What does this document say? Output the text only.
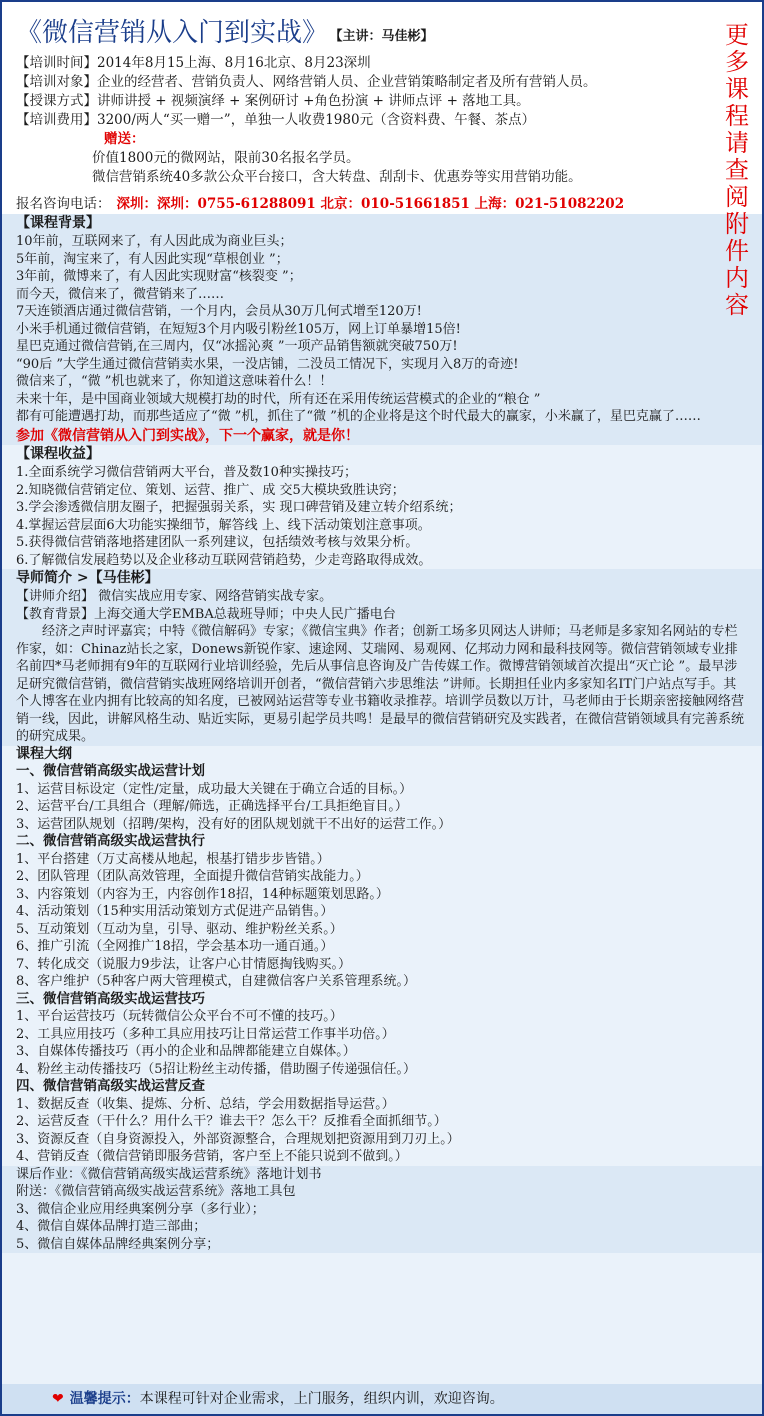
《微信营销从入门到实战》 【主讲：马佳彬】	更多课程请查阅附件内容
【培训时间】2014年8月15上海、8月16北京、8月23深圳
【培训对象】企业的经营者、营销负责人、网络营销人员、企业营销策略制定者及所有营销人员。
【授课方式】讲师讲授 + 视频演绎 + 案例研讨 +角色扮演 + 讲师点评 + 落地工具。
【培训费用】3200/两人“买一赠一”，单独一人收费1980元（含资料费、午餐、茶点）
赠送：
价值1800元的微网站，限前30名报名学员。
微信营销系统40多款公众平台接口，含大转盘、刮刮卡、优惠券等实用营销功能。
报名咨询电话： 深圳：深圳：0755-61288091 北京：010-51661851 上海：021-51082202
【课程背景】
10年前，互联网来了，有人因此成为商业巨头；
5年前，淘宝来了，有人因此实现“草根创业 ”；
3年前，微博来了，有人因此实现财富“核裂变 ”；
而今天，微信来了，微营销来了……
7天连锁酒店通过微信营销，一个月内，会员从30万几何式增至120万!
小米手机通过微信营销，在短短3个月内吸引粉丝105万，网上订单暴增15倍!
星巴克通过微信营销,在三周内，仅“冰摇沁爽 ”一项产品销售额就突破750万!
“90后 ”大学生通过微信营销卖水果，一没店铺，二没员工情况下，实现月入8万的奇迹!
微信来了，“微 ”机也就来了，你知道这意味着什么！！
未来十年，是中国商业领域大规模打劫的时代，所有还在采用传统运营模式的企业的“粮仓 ”
都有可能遭遇打劫，而那些适应了“微 ”机，抓住了“微 ”机的企业将是这个时代最大的赢家，小米赢了，星巴克赢了……
参加《微信营销从入门到实战》，下一个赢家，就是你！
【课程收益】
1.全面系统学习微信营销两大平台，普及数10种实操技巧；
2.知晓微信营销定位、策划、运营、推广、成 交5大模块致胜诀窍；
3.学会渗透微信朋友圈子，把握强弱关系，实 现口碑营销及建立转介绍系统；
4.掌握运营层面6大功能实操细节，解答线 上、线下活动策划注意事项。
5.获得微信营销落地搭建团队一系列建议，包括绩效考核与效果分析。
6.了解微信发展趋势以及企业移动互联网营销趋势，少走弯路取得成效。
导师简介 >【马佳彬】
【讲师介绍】 微信实战应用专家、网络营销实战专家。
【教育背景】上海交通大学EMBA总裁班导师；中央人民广播电台
经济之声时评嘉宾；中特《微信解码》专家；《微信宝典》作者；创新工场多贝网达人讲师；马老师是多家知名网站的专栏作家，如：Chinaz站长之家，Donews新锐作家、速途网、艾瑞网、易观网、亿邦动力网和最科技网等。微信营销领域专业排名前四*马老师拥有9年的互联网行业培训经验，先后从事信息咨询及广告传媒工作。微博营销领域首次提出“灭亡论 ”。最早涉足研究微信营销，微信营销实战班网络培训开创者，“微信营销六步思维法 ”讲师。长期担任业内多家知名IT门户站点写手。其个人博客在业内拥有比较高的知名度，已被网站运营等专业书籍收录推荐。培训学员数以万计，马老师由于长期亲密接触网络营销一线，因此，讲解风格生动、贴近实际，更易引起学员共鸣！是最早的微信营销研究及实践者，在微信营销领域具有完善系统的研究成果。
课程大纲
一、微信营销高级实战运营计划
1、运营目标设定（定性/定量，成功最大关键在于确立合适的目标。）
2、运营平台/工具组合（理解/筛选，正确选择平台/工具拒绝盲目。）
3、运营团队规划（招聘/架构，没有好的团队规划就干不出好的运营工作。）
二、微信营销高级实战运营执行
1、平台搭建（万丈高楼从地起，根基打错步步皆错。）
2、团队管理（团队高效管理，全面提升微信营销实战能力。）
3、内容策划（内容为王，内容创作18招，14种标题策划思路。）
4、活动策划（15种实用活动策划方式促进产品销售。）
5、互动策划（互动为皇，引导、驱动、维护粉丝关系。）
6、推广引流（全网推广18招，学会基本功一通百通。）
7、转化成交（说服力9步法，让客户心甘情愿掏钱购买。）
8、客户维护（5种客户两大管理模式，自建微信客户关系管理系统。）
三、微信营销高级实战运营技巧
1、平台运营技巧（玩转微信公众平台不可不懂的技巧。）
2、工具应用技巧（多种工具应用技巧让日常运营工作事半功倍。）
3、自媒体传播技巧（再小的企业和品牌都能建立自媒体。）
4、粉丝主动传播技巧（5招让粉丝主动传播，借助圈子传递强信任。）
四、微信营销高级实战运营反查
1、数据反查（收集、提炼、分析、总结，学会用数据指导运营。）
2、运营反查（干什么？用什么干？谁去干？怎么干？反推看全面抓细节。）
3、资源反查（自身资源投入，外部资源整合，合理规划把资源用到刀刃上。）
4、营销反查（微信营销即服务营销，客户至上不能只说到不做到。）
课后作业：《微信营销高级实战运营系统》落地计划书
附送：《微信营销高级实战运营系统》落地工具包
3、微信企业应用经典案例分享（多行业）；
4、微信自媒体品牌打造三部曲；
5、微信自媒体品牌经典案例分享；
❤ 温馨提示：本课程可针对企业需求，上门服务，组织内训，欢迎咨询。
